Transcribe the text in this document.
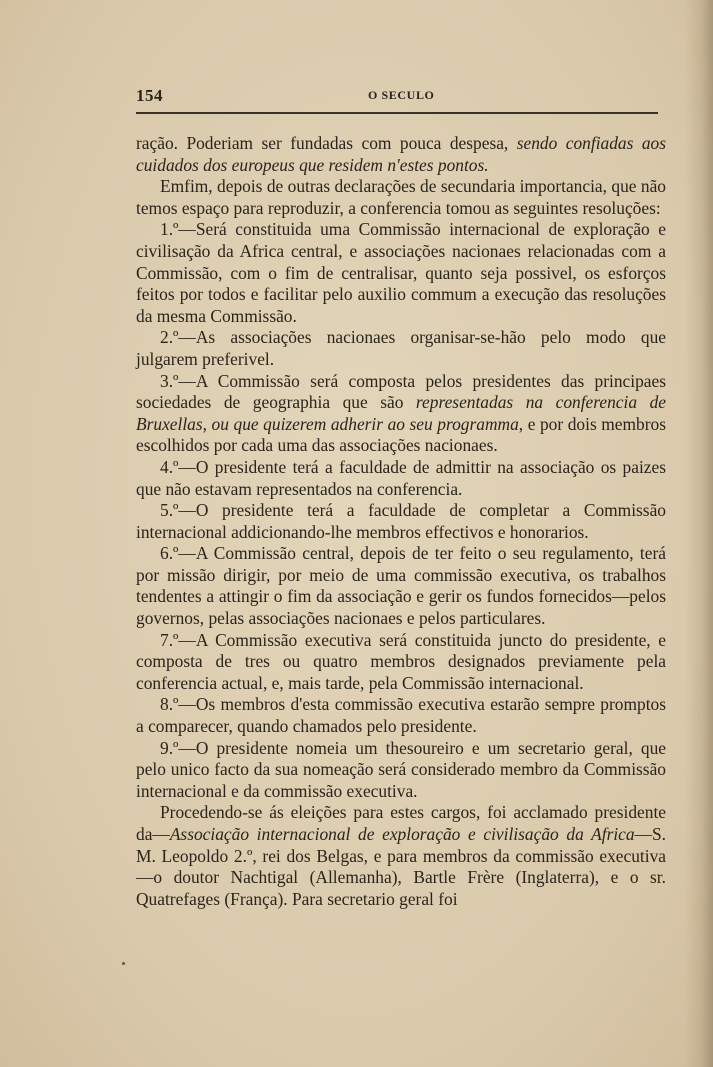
154	O SECULO

ração. Poderiam ser fundadas com pouca despesa, sendo confiadas aos cuidados dos europeus que residem n'estes pontos.

Emfim, depois de outras declarações de secundaria importancia, que não temos espaço para reproduzir, a conferencia tomou as seguintes resoluções:

1.º—Será constituida uma Commissão internacional de exploração e civilisação da Africa central, e associações nacionaes relacionadas com a Commissão, com o fim de centralisar, quanto seja possivel, os esforços feitos por todos e facilitar pelo auxilio commum a execução das resoluções da mesma Commissão.

2.º—As associações nacionaes organisar-se-hão pelo modo que julgarem preferivel.

3.º—A Commissão será composta pelos presidentes das principaes sociedades de geographia que são representadas na conferencia de Bruxellas, ou que quizerem adherir ao seu programma, e por dois membros escolhidos por cada uma das associações nacionaes.

4.º—O presidente terá a faculdade de admittir na associação os paizes que não estavam representados na conferencia.

5.º—O presidente terá a faculdade de completar a Commissão internacional addicionando-lhe membros effectivos e honorarios.

6.º—A Commissão central, depois de ter feito o seu regulamento, terá por missão dirigir, por meio de uma commissão executiva, os trabalhos tendentes a attingir o fim da associação e gerir os fundos fornecidos—pelos governos, pelas associações nacionaes e pelos particulares.

7.º—A Commissão executiva será constituida juncto do presidente, e composta de tres ou quatro membros designados previamente pela conferencia actual, e, mais tarde, pela Commissão internacional.

8.º—Os membros d'esta commissão executiva estarão sempre promptos a comparecer, quando chamados pelo presidente.

9.º—O presidente nomeia um thesoureiro e um secretario geral, que pelo unico facto da sua nomeação será considerado membro da Commissão internacional e da commissão executiva.

Procedendo-se ás eleições para estes cargos, foi acclamado presidente da—Associação internacional de exploração e civilisação da Africa—S. M. Leopoldo 2.º, rei dos Belgas, e para membros da commissão executiva—o doutor Nachtigal (Allemanha), Bartle Frère (Inglaterra), e o sr. Quatrefages (França). Para secretario geral foi
